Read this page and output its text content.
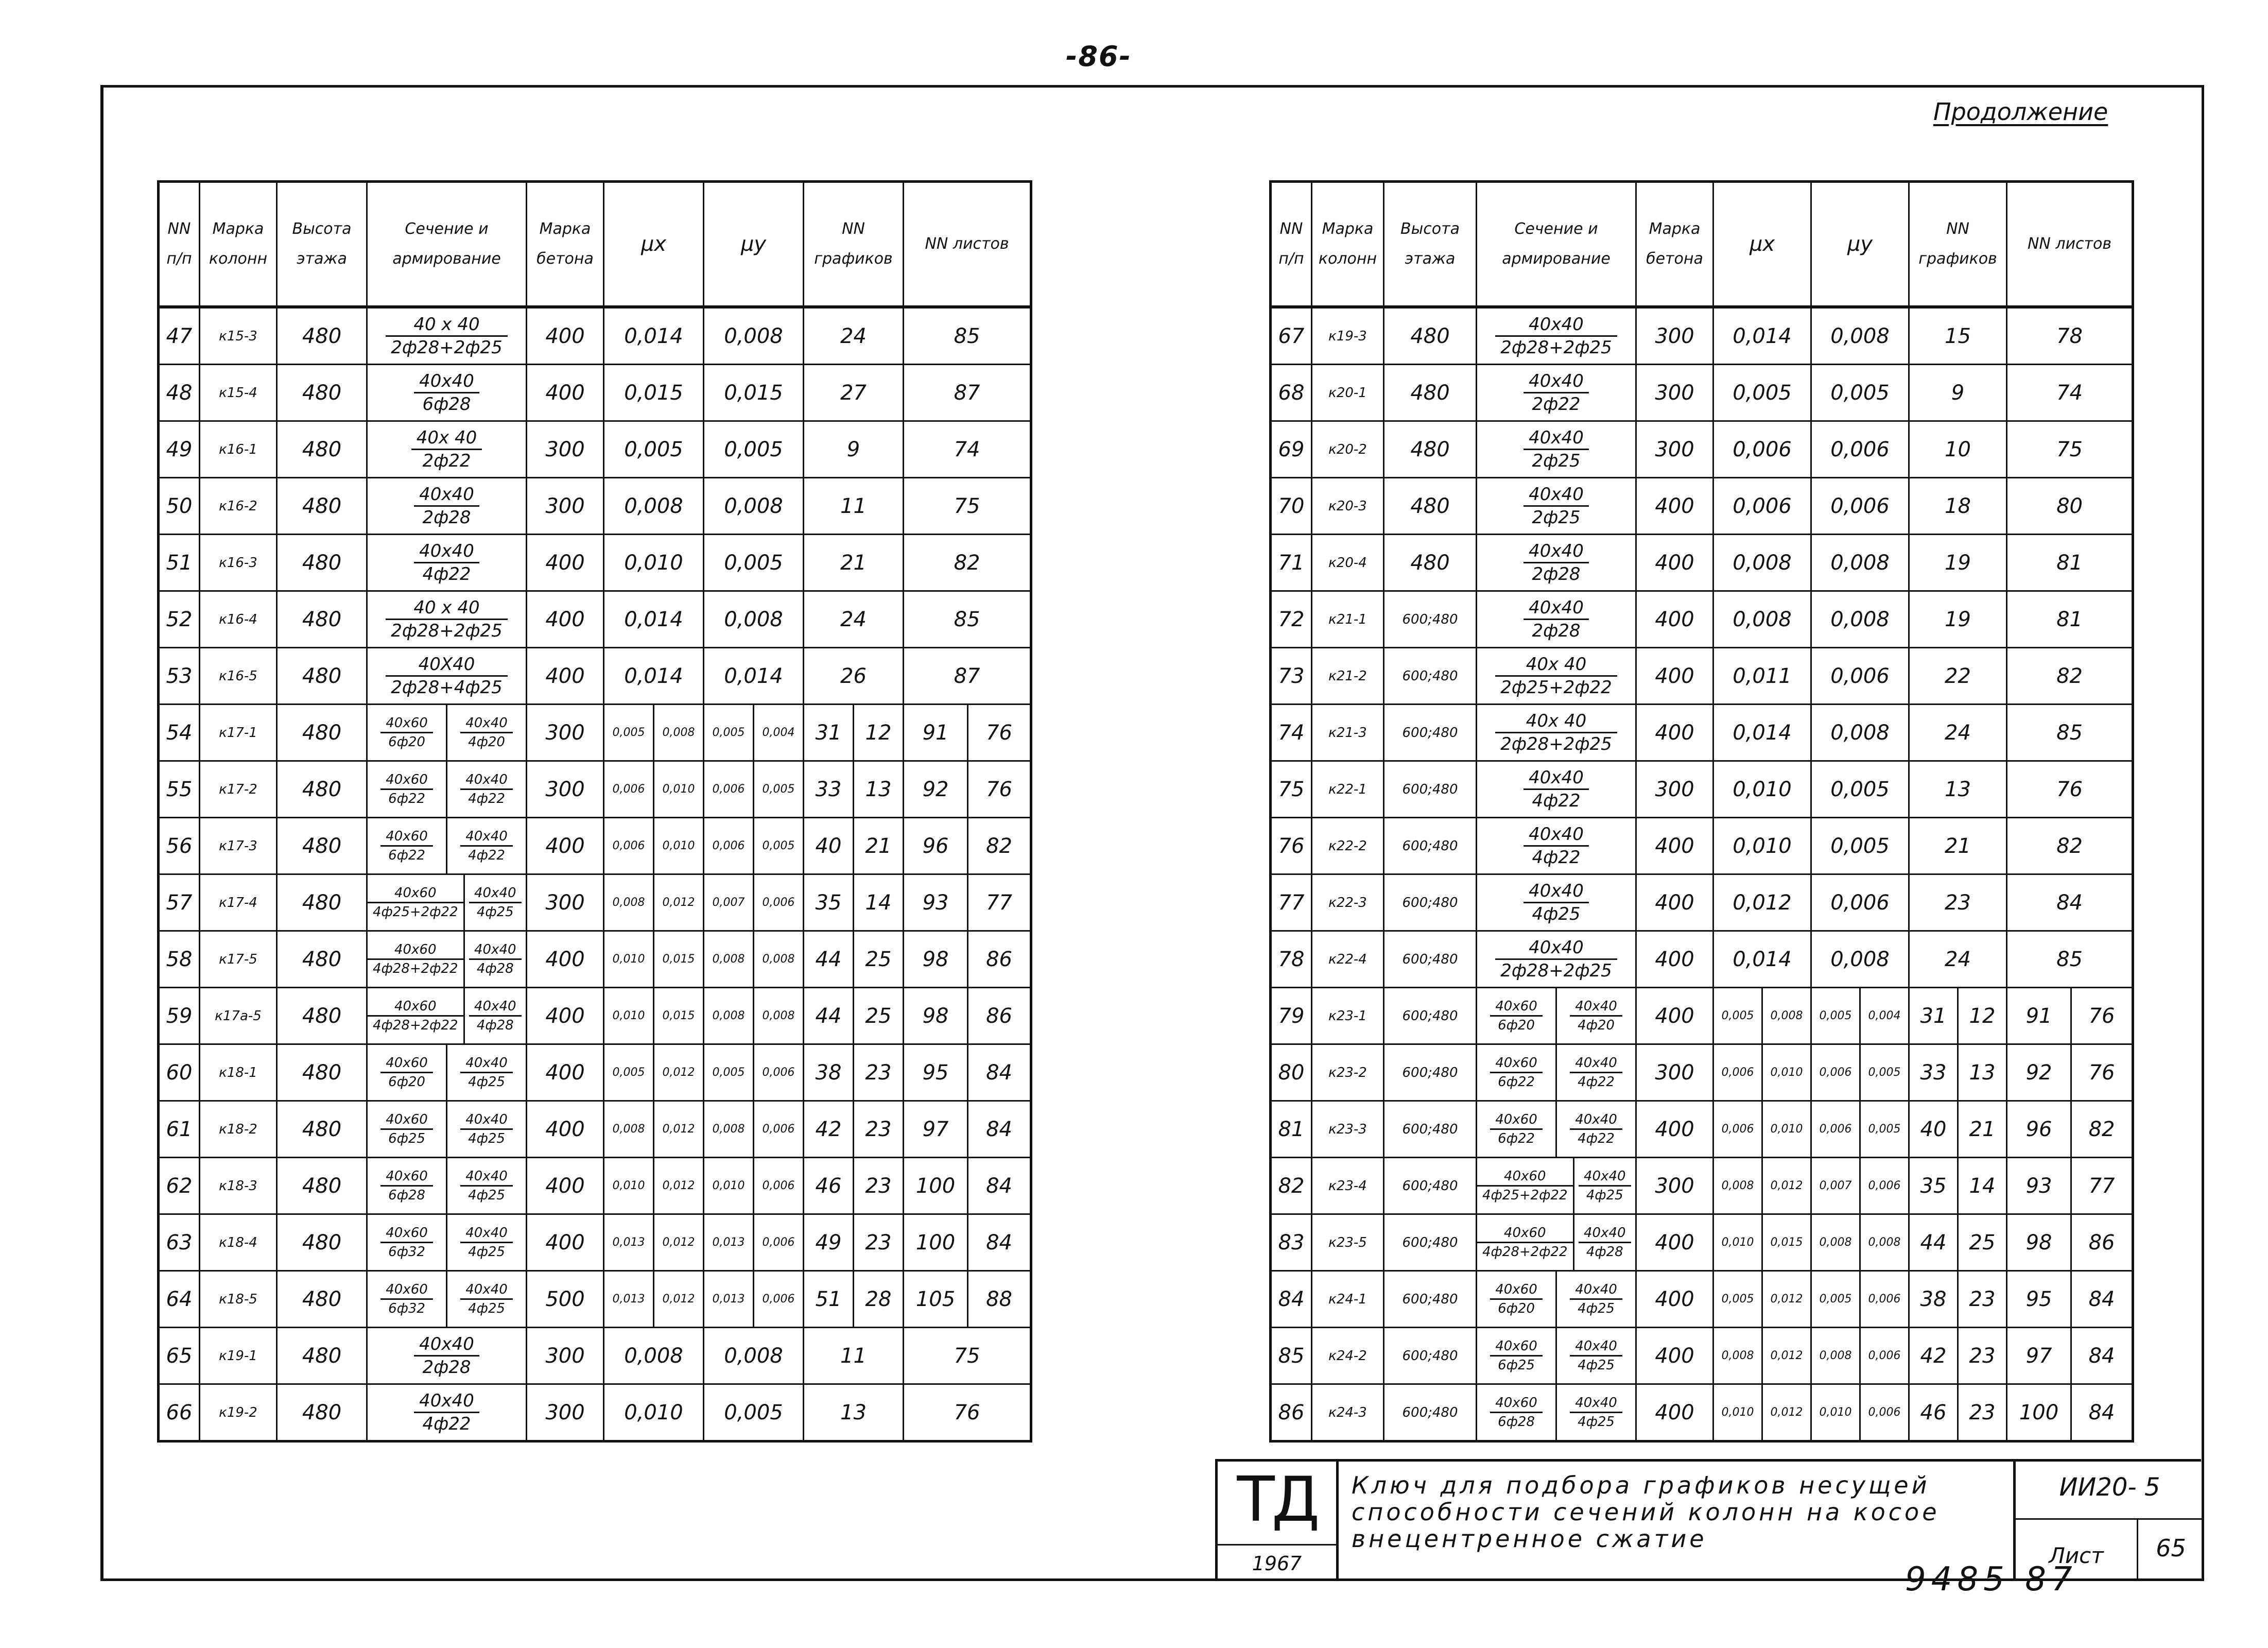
-86-
Продолжение
NN
п/п	Марка колонн	Высота этажа	Сечение и армирование	Марка бетона	μx		μy		NN графиков		NN листов	
47	к15-3	480	$\frac{40 x 40}{2ф28+2ф25}$	400	0,014		0,008		24		85	
48	к15-4	480	$\frac{40x40}{6ф28}$	400	0,015		0,015		27		87	
49	к16-1	480	$\frac{40x 40}{2ф22}$	300	0,005		0,005		9		74	
50	к16-2	480	$\frac{40x40}{2ф28}$	300	0,008		0,008		11		75	
51	к16-3	480	$\frac{40x40}{4ф22}$	400	0,010		0,005		21		82	
52	к16-4	480	$\frac{40 x 40}{2ф28+2ф25}$	400	0,014		0,008		24		85	
53	к16-5	480	$\frac{40X40}{2ф28+4ф25}$	400	0,014		0,014		26		87	
54	к17-1	480	$\frac{40x60}{6ф20} \frac{40x40}{4ф20}$	300	0,005	0,008	0,005	0,004	31	12	91	76
55	к17-2	480	$\frac{40x60}{6ф22} \frac{40x40}{4ф22}$	300	0,006	0,010	0,006	0,005	33	13	92	76
56	к17-3	480	$\frac{40x60}{6ф22} \frac{40x40}{4ф22}$	400	0,006	0,010	0,006	0,005	40	21	96	82
57	к17-4	480	$\frac{40x60}{4ф25+2ф22} \frac{40x40}{4ф25}$	300	0,008	0,012	0,007	0,006	35	14	93	77
58	к17-5	480	$\frac{40x60}{4ф28+2ф22} \frac{40x40}{4ф28}$	400	0,010	0,015	0,008	0,008	44	25	98	86
59	к17а-5	480	$\frac{40x60}{4ф28+2ф22} \frac{40x40}{4ф28}$	400	0,010	0,015	0,008	0,008	44	25	98	86
60	к18-1	480	$\frac{40x60}{6ф20} \frac{40x40}{4ф25}$	400	0,005	0,012	0,005	0,006	38	23	95	84
61	к18-2	480	$\frac{40x60}{6ф25} \frac{40x40}{4ф25}$	400	0,008	0,012	0,008	0,006	42	23	97	84
62	к18-3	480	$\frac{40x60}{6ф28} \frac{40x40}{4ф25}$	400	0,010	0,012	0,010	0,006	46	23	100	84
63	к18-4	480	$\frac{40x60}{6ф32} \frac{40x40}{4ф25}$	400	0,013	0,012	0,013	0,006	49	23	100	84
64	к18-5	480	$\frac{40x60}{6ф32} \frac{40x40}{4ф25}$	500	0,013	0,012	0,013	0,006	51	28	105	88
65	к19-1	480	$\frac{40x40}{2ф28}$	300	0,008		0,008		11		75	
66	к19-2	480	$\frac{40x40}{4ф22}$	300	0,010		0,005		13		76	
NN
п/п	Марка колонн	Высота этажа	Сечение и армирование	Марка бетона	μx		μy		NN графиков		NN листов	
67	к19-3	480	$\frac{40x40}{2ф28+2ф25}$	300	0,014		0,008		15		78	
68	к20-1	480	$\frac{40x40}{2ф22}$	300	0,005		0,005		9		74	
69	к20-2	480	$\frac{40x40}{2ф25}$	300	0,006		0,006		10		75	
70	к20-3	480	$\frac{40x40}{2ф25}$	400	0,006		0,006		18		80	
71	к20-4	480	$\frac{40x40}{2ф28}$	400	0,008		0,008		19		81	
72	к21-1	600;480	$\frac{40x40}{2ф28}$	400	0,008		0,008		19		81	
73	к21-2	600;480	$\frac{40x 40}{2ф25+2ф22}$	400	0,011		0,006		22		82	
74	к21-3	600;480	$\frac{40x 40}{2ф28+2ф25}$	400	0,014		0,008		24		85	
75	к22-1	600;480	$\frac{40x40}{4ф22}$	300	0,010		0,005		13		76	
76	к22-2	600;480	$\frac{40x40}{4ф22}$	400	0,010		0,005		21		82	
77	к22-3	600;480	$\frac{40x40}{4ф25}$	400	0,012		0,006		23		84	
78	к22-4	600;480	$\frac{40x40}{2ф28+2ф25}$	400	0,014		0,008		24		85	
79	к23-1	600;480	$\frac{40x60}{6ф20} \frac{40x40}{4ф20}$	400	0,005	0,008	0,005	0,004	31	12	91	76
80	к23-2	600;480	$\frac{40x60}{6ф22} \frac{40x40}{4ф22}$	300	0,006	0,010	0,006	0,005	33	13	92	76
81	к23-3	600;480	$\frac{40x60}{6ф22} \frac{40x40}{4ф22}$	400	0,006	0,010	0,006	0,005	40	21	96	82
82	к23-4	600;480	$\frac{40x60}{4ф25+2ф22} \frac{40x40}{4ф25}$	300	0,008	0,012	0,007	0,006	35	14	93	77
83	к23-5	600;480	$\frac{40x60}{4ф28+2ф22} \frac{40x40}{4ф28}$	400	0,010	0,015	0,008	0,008	44	25	98	86
84	к24-1	600;480	$\frac{40x60}{6ф20} \frac{40x40}{4ф25}$	400	0,005	0,012	0,005	0,006	38	23	95	84
85	к24-2	600;480	$\frac{40x60}{6ф25} \frac{40x40}{4ф25}$	400	0,008	0,012	0,008	0,006	42	23	97	84
86	к24-3	600;480	$\frac{40x60}{6ф28} \frac{40x40}{4ф25}$	400	0,010	0,012	0,010	0,006	46	23	100	84
ТД
1967
Ключ для подбора графиков несущей способности сечений колонн на косое внецентренное сжатие
ИИ20- 5
Лист	65
9485 87
